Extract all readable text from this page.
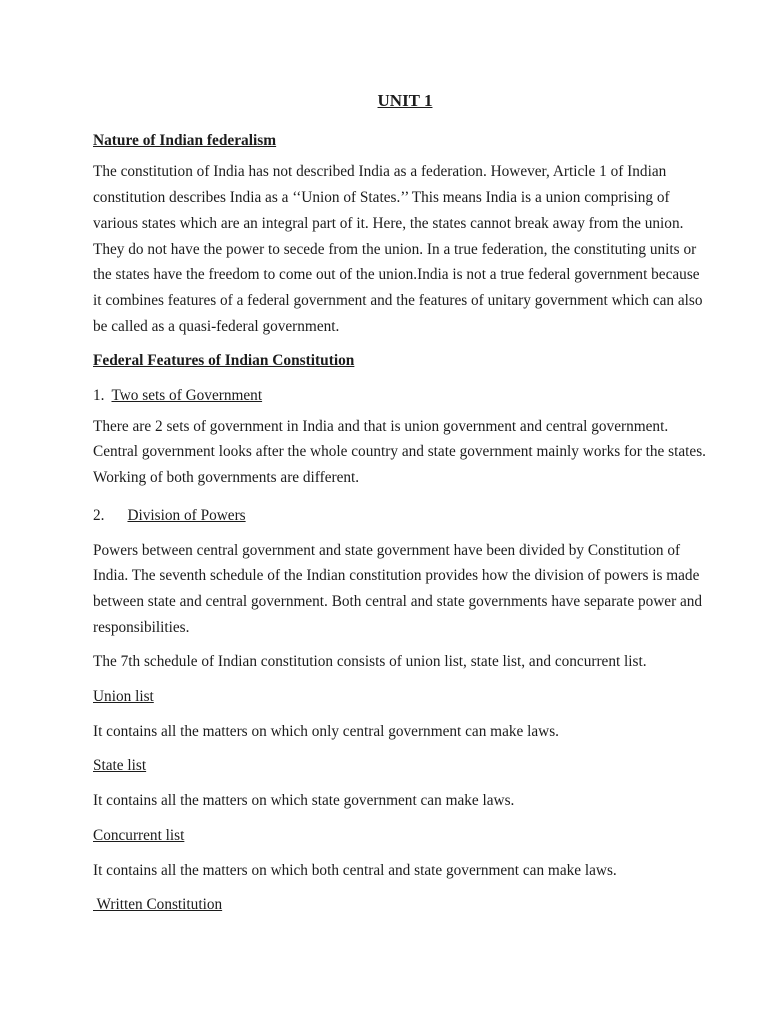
UNIT 1
Nature of Indian federalism
The constitution of India has not described India as a federation. However, Article 1 of Indian
constitution describes India as a ‘‘Union of States.’’ This means India is a union comprising of
various states which are an integral part of it. Here, the states cannot break away from the union.
They do not have the power to secede from the union. In a true federation, the constituting units or
the states have the freedom to come out of the union.India is not a true federal government because
it combines features of a federal government and the features of unitary government which can also
be called as a quasi-federal government.
Federal Features of Indian Constitution
1. Two sets of Government
There are 2 sets of government in India and that is union government and central government.
Central government looks after the whole country and state government mainly works for the states.
Working of both governments are different.
2. Division of Powers
Powers between central government and state government have been divided by Constitution of
India. The seventh schedule of the Indian constitution provides how the division of powers is made
between state and central government. Both central and state governments have separate power and
responsibilities.
The 7th schedule of Indian constitution consists of union list, state list, and concurrent list.
Union list
It contains all the matters on which only central government can make laws.
State list
It contains all the matters on which state government can make laws.
Concurrent list
It contains all the matters on which both central and state government can make laws.
Written Constitution
